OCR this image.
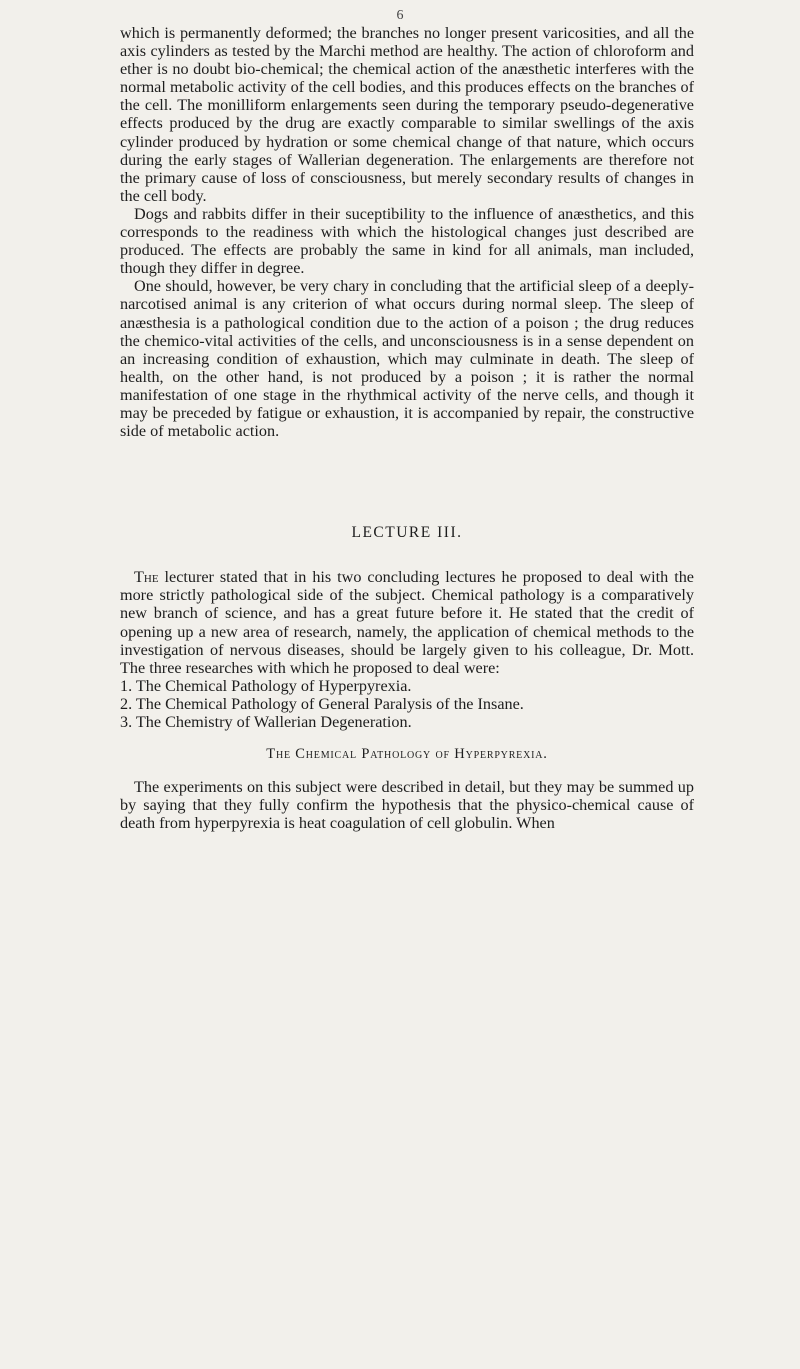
6

which is permanently deformed; the branches no longer present varicosities, and all the axis cylinders as tested by the Marchi method are healthy. The action of chloroform and ether is no doubt bio-chemical; the chemical action of the anæsthetic interferes with the normal metabolic activity of the cell bodies, and this produces effects on the branches of the cell. The monilliform enlargements seen during the temporary pseudo-degenerative effects produced by the drug are exactly comparable to similar swellings of the axis cylinder produced by hydration or some chemical change of that nature, which occurs during the early stages of Wallerian degeneration. The enlargements are therefore not the primary cause of loss of consciousness, but merely secondary results of changes in the cell body.

Dogs and rabbits differ in their suceptibility to the influence of anæsthetics, and this corresponds to the readiness with which the histological changes just described are produced. The effects are probably the same in kind for all animals, man included, though they differ in degree.

One should, however, be very chary in concluding that the artificial sleep of a deeply-narcotised animal is any criterion of what occurs during normal sleep. The sleep of anæsthesia is a pathological condition due to the action of a poison ; the drug reduces the chemico-vital activities of the cells, and unconsciousness is in a sense dependent on an increasing condition of exhaustion, which may culminate in death. The sleep of health, on the other hand, is not produced by a poison ; it is rather the normal manifestation of one stage in the rhythmical activity of the nerve cells, and though it may be preceded by fatigue or exhaustion, it is accompanied by repair, the constructive side of metabolic action.

LECTURE III.

The lecturer stated that in his two concluding lectures he proposed to deal with the more strictly pathological side of the subject. Chemical pathology is a comparatively new branch of science, and has a great future before it. He stated that the credit of opening up a new area of research, namely, the application of chemical methods to the investigation of nervous diseases, should be largely given to his colleague, Dr. Mott. The three researches with which he proposed to deal were:

1. The Chemical Pathology of Hyperpyrexia.

2. The Chemical Pathology of General Paralysis of the Insane.

3. The Chemistry of Wallerian Degeneration.

The Chemical Pathology of Hyperpyrexia.

The experiments on this subject were described in detail, but they may be summed up by saying that they fully confirm the hypothesis that the physico-chemical cause of death from hyperpyrexia is heat coagulation of cell globulin. When
